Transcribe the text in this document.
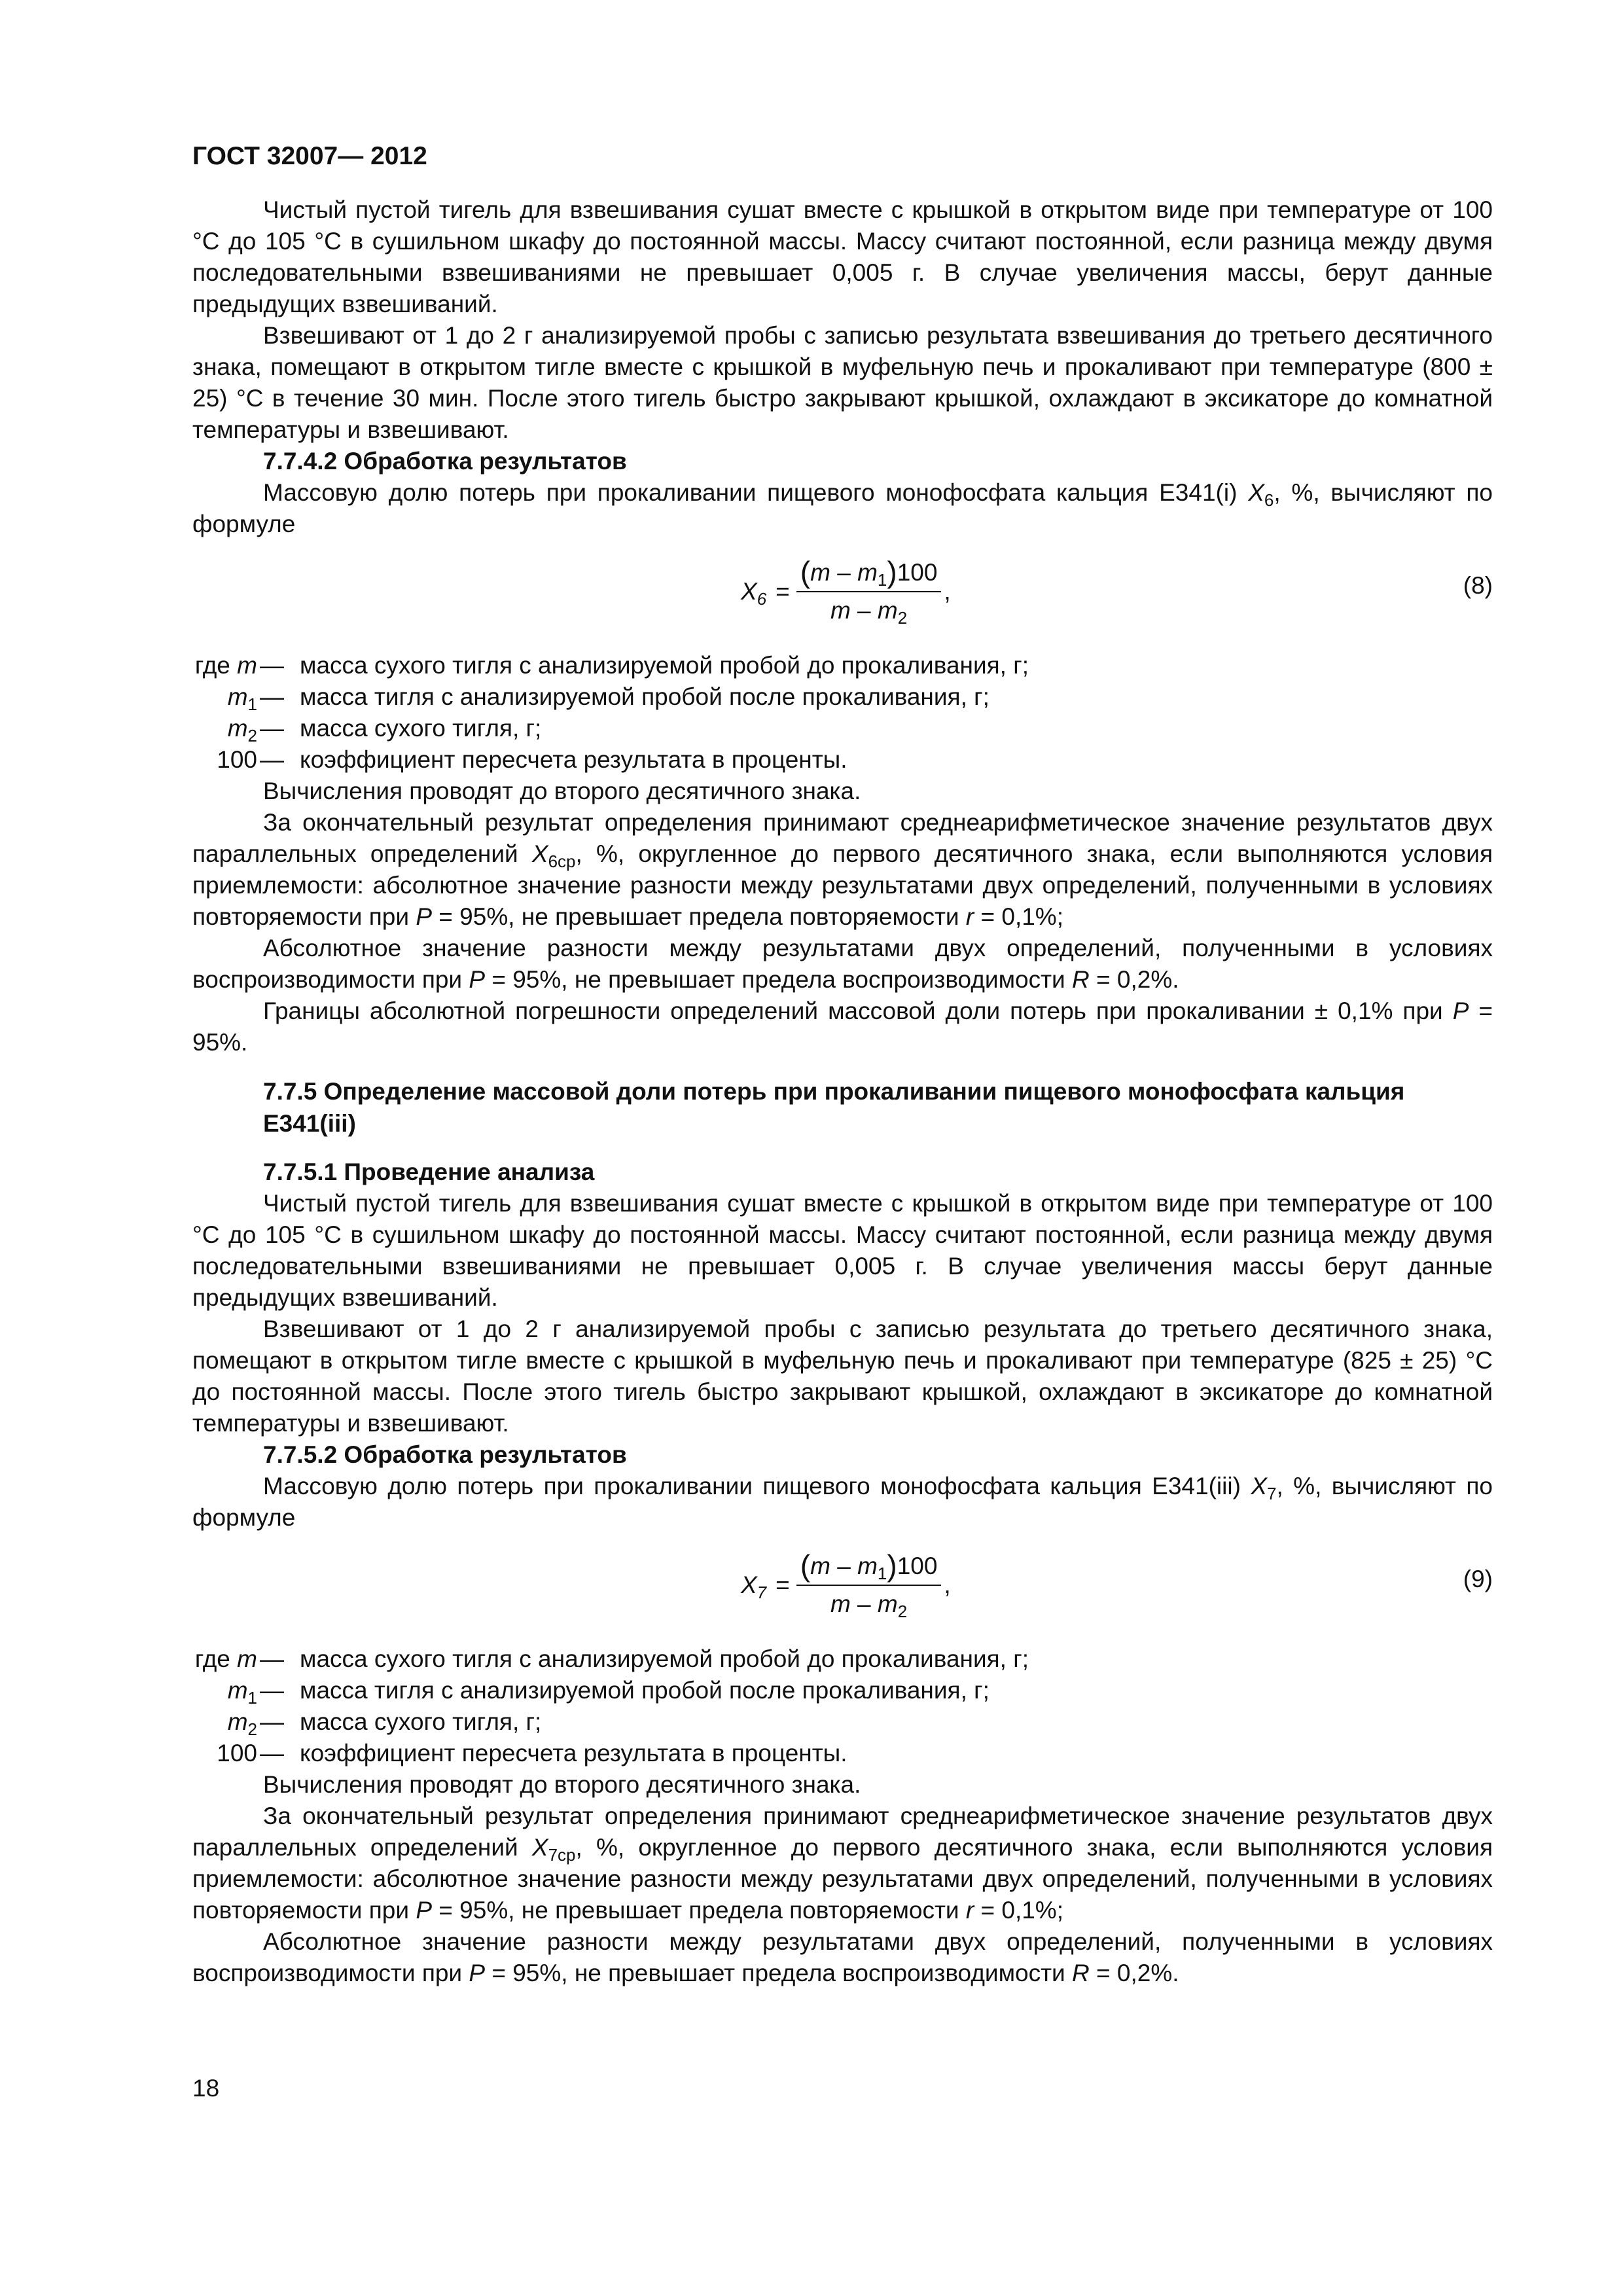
ГОСТ 32007— 2012

Чистый пустой тигель для взвешивания сушат вместе с крышкой в открытом виде при температуре от 100 °С до 105 °С в сушильном шкафу до постоянной массы. Массу считают постоянной, если разница между двумя последовательными взвешиваниями не превышает 0,005 г. В случае увеличения массы, берут данные предыдущих взвешиваний.

Взвешивают от 1 до 2 г анализируемой пробы с записью результата взвешивания до третьего десятичного знака, помещают в открытом тигле вместе с крышкой в муфельную печь и прокаливают при температуре (800 ± 25) °С в течение 30 мин. После этого тигель быстро закрывают крышкой, охлаждают в эксикаторе до комнатной температуры и взвешивают.

7.7.4.2 Обработка результатов

Массовую долю потерь при прокаливании пищевого монофосфата кальция Е341(i) $X_6$, %, вычисляют по формуле

$X_6 = \frac{(m - m_1)100}{m - m_2}$ ,	(8)
где m — масса сухого тигля с анализируемой пробой до прокаливания, г;
$m_1$ — масса тигля с анализируемой пробой после прокаливания, г;
$m_2$ — масса сухого тигля, г;
100 — коэффициент пересчета результата в проценты.

Вычисления проводят до второго десятичного знака.

За окончательный результат определения принимают среднеарифметическое значение результатов двух параллельных определений $X_{6ср}$, %, округленное до первого десятичного знака, если выполняются условия приемлемости: абсолютное значение разности между результатами двух определений, полученными в условиях повторяемости при P = 95%, не превышает предела повторяемости r = 0,1%;

Абсолютное значение разности между результатами двух определений, полученными в условиях воспроизводимости при P = 95%, не превышает предела воспроизводимости R = 0,2%.

Границы абсолютной погрешности определений массовой доли потерь при прокаливании ± 0,1% при P = 95%.

7.7.5 Определение массовой доли потерь при прокаливании пищевого монофосфата кальция Е341(iii)

7.7.5.1 Проведение анализа

Чистый пустой тигель для взвешивания сушат вместе с крышкой в открытом виде при температуре от 100 °С до 105 °С в сушильном шкафу до постоянной массы. Массу считают постоянной, если разница между двумя последовательными взвешиваниями не превышает 0,005 г. В случае увеличения массы берут данные предыдущих взвешиваний.

Взвешивают от 1 до 2 г анализируемой пробы с записью результата до третьего десятичного знака, помещают в открытом тигле вместе с крышкой в муфельную печь и прокаливают при температуре (825 ± 25) °С до постоянной массы. После этого тигель быстро закрывают крышкой, охлаждают в эксикаторе до комнатной температуры и взвешивают.

7.7.5.2 Обработка результатов

Массовую долю потерь при прокаливании пищевого монофосфата кальция Е341(iii) $X_7$, %, вычисляют по формуле

$X_7 = \frac{(m - m_1)100}{m - m_2}$ ,	(9)
где m — масса сухого тигля с анализируемой пробой до прокаливания, г;
$m_1$ — масса тигля с анализируемой пробой после прокаливания, г;
$m_2$ — масса сухого тигля, г;
100 — коэффициент пересчета результата в проценты.

Вычисления проводят до второго десятичного знака.

За окончательный результат определения принимают среднеарифметическое значение результатов двух параллельных определений $X_{7ср}$, %, округленное до первого десятичного знака, если выполняются условия приемлемости: абсолютное значение разности между результатами двух определений, полученными в условиях повторяемости при P = 95%, не превышает предела повторяемости r = 0,1%;

Абсолютное значение разности между результатами двух определений, полученными в условиях воспроизводимости при P = 95%, не превышает предела воспроизводимости R = 0,2%.

18
